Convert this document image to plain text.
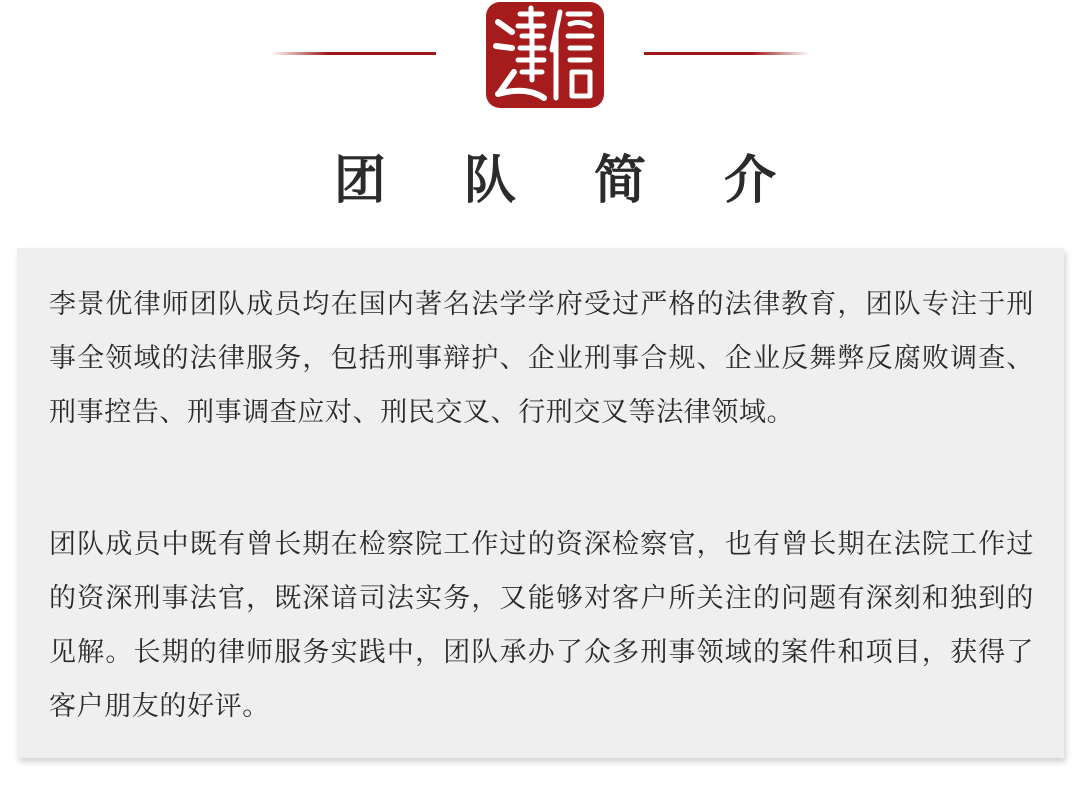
团 队 简 介

李景优律师团队成员均在国内著名法学学府受过严格的法律教育，团队专注于刑事全领域的法律服务，包括刑事辩护、企业刑事合规、企业反舞弊反腐败调查、刑事控告、刑事调查应对、刑民交叉、行刑交叉等法律领域。

团队成员中既有曾长期在检察院工作过的资深检察官，也有曾长期在法院工作过的资深刑事法官，既深谙司法实务，又能够对客户所关注的问题有深刻和独到的见解。长期的律师服务实践中，团队承办了众多刑事领域的案件和项目，获得了客户朋友的好评。
